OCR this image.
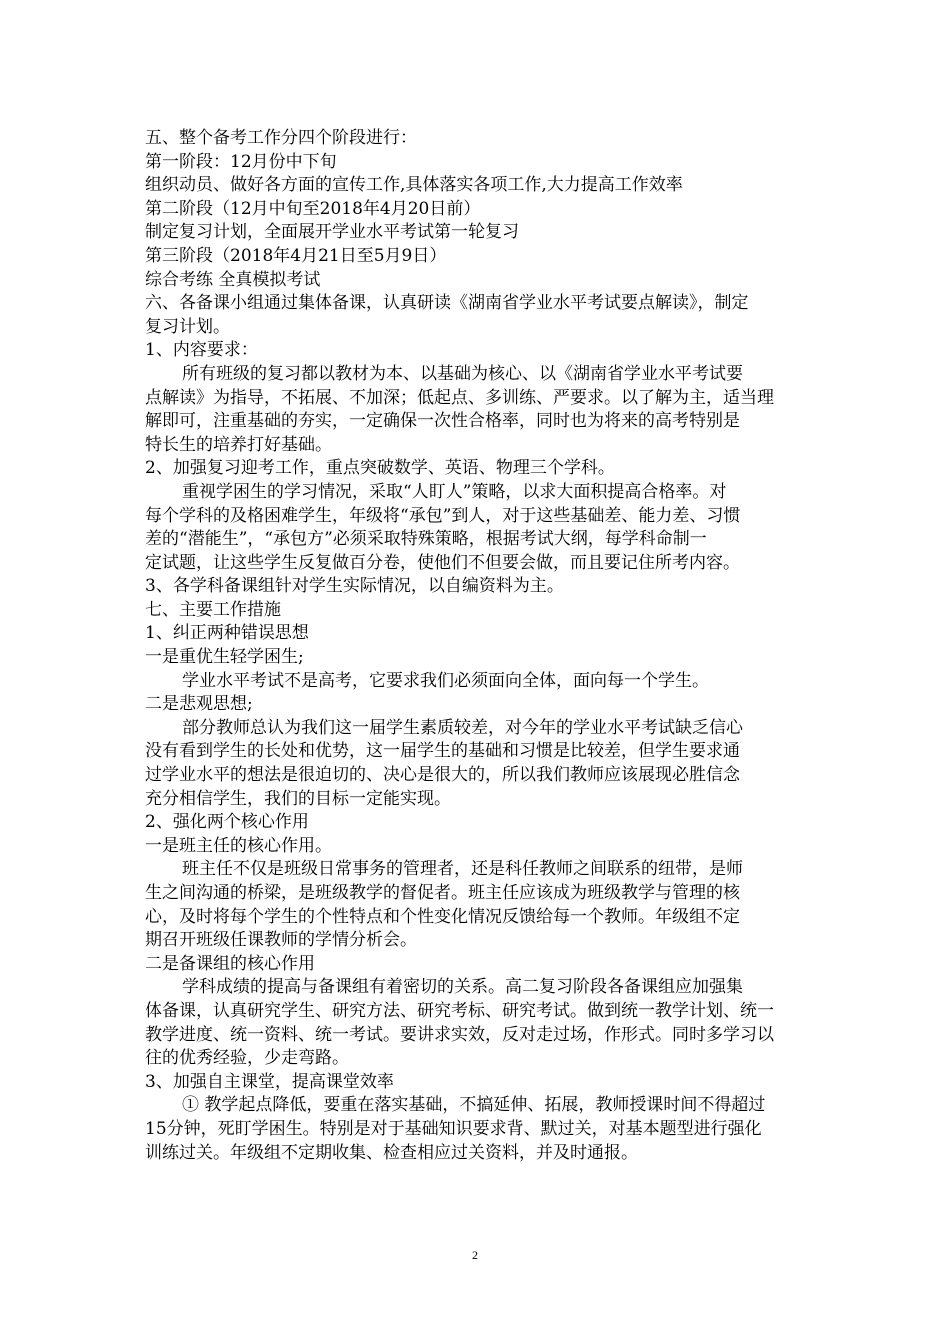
五、整个备考工作分四个阶段进行：
第一阶段：12月份中下旬
组织动员、做好各方面的宣传工作,具体落实各项工作,大力提高工作效率
第二阶段（12月中旬至2018年4月20日前）
制定复习计划，全面展开学业水平考试第一轮复习
第三阶段（2018年4月21日至5月9日）
综合考练 全真模拟考试
六、各备课小组通过集体备课，认真研读《湖南省学业水平考试要点解读》，制定
复习计划。
1、内容要求：
所有班级的复习都以教材为本、以基础为核心、以《湖南省学业水平考试要
点解读》为指导，不拓展、不加深；低起点、多训练、严要求。以了解为主，适当理
解即可，注重基础的夯实，一定确保一次性合格率，同时也为将来的高考特别是
特长生的培养打好基础。
2、加强复习迎考工作，重点突破数学、英语、物理三个学科。
重视学困生的学习情况，采取“人盯人”策略，以求大面积提高合格率。对
每个学科的及格困难学生，年级将“承包”到人，对于这些基础差、能力差、习惯
差的“潜能生”，“承包方”必须采取特殊策略，根据考试大纲，每学科命制一
定试题，让这些学生反复做百分卷，使他们不但要会做，而且要记住所考内容。
3、各学科备课组针对学生实际情况，以自编资料为主。
七、主要工作措施
1、纠正两种错误思想
一是重优生轻学困生;
学业水平考试不是高考，它要求我们必须面向全体，面向每一个学生。
二是悲观思想;
部分教师总认为我们这一届学生素质较差，对今年的学业水平考试缺乏信心
没有看到学生的长处和优势，这一届学生的基础和习惯是比较差，但学生要求通
过学业水平的想法是很迫切的、决心是很大的，所以我们教师应该展现必胜信念
充分相信学生，我们的目标一定能实现。
2、强化两个核心作用
一是班主任的核心作用。
班主任不仅是班级日常事务的管理者，还是科任教师之间联系的纽带，是师
生之间沟通的桥梁，是班级教学的督促者。班主任应该成为班级教学与管理的核
心，及时将每个学生的个性特点和个性变化情况反馈给每一个教师。年级组不定
期召开班级任课教师的学情分析会。
二是备课组的核心作用
学科成绩的提高与备课组有着密切的关系。高二复习阶段各备课组应加强集
体备课，认真研究学生、研究方法、研究考标、研究考试。做到统一教学计划、统一
教学进度、统一资料、统一考试。要讲求实效，反对走过场，作形式。同时多学习以
往的优秀经验，少走弯路。
3、加强自主课堂，提高课堂效率
① 教学起点降低，要重在落实基础，不搞延伸、拓展，教师授课时间不得超过
15分钟，死盯学困生。特别是对于基础知识要求背、默过关，对基本题型进行强化
训练过关。年级组不定期收集、检查相应过关资料，并及时通报。
2
